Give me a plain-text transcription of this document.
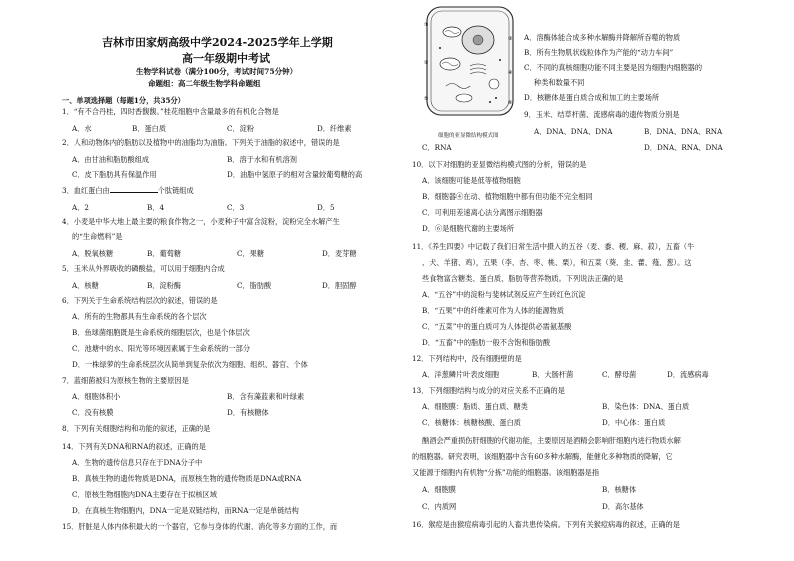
吉林市田家炳高级中学2024-2025学年上学期
高一年级期中考试
生物学科试卷（满分100分，考试时间75分钟）
命题组：高二年级生物学科命题组
一、单项选择题（每题1分，共35分）
1．“有不合丹桂，四时香馥馥。”桂花细胞中含量最多的有机化合物是
A．水	B．蛋白质	C．淀粉	D．纤维素
2．人和动物体内的脂肪以及植物中的油脂均为油脂。下列关于油脂的叙述中，错误的是
A．由甘油和脂肪酸组成	B．溶于水和有机溶剂
C．皮下脂肪具有保温作用	D．油脂中氢原子的相对含量较葡萄糖的高
3．血红蛋白由	个肽链组成
A．2	B．4	C．3	D．5
4．小麦是中华大地上最主要的粮食作物之一，小麦种子中富含淀粉，淀粉完全水解产生
的“生命燃料”是
A．脱氧核糖	B．葡萄糖	C．果糖	D．麦芽糖
5．玉米从外界吸收的磷酸盐，可以用于细胞内合成
A．核糖	B．淀粉酶	C．脂肪酸	D．胆固醇
6．下列关于生命系统结构层次的叙述，错误的是
A．所有的生物都具有生命系统的各个层次
B．鱼球菌细胞既是生命系统的细胞层次，也是个体层次
C．池塘中的水、阳光等环境因素属于生命系统的一部分
D．一株绿萝的生命系统层次从简单到复杂依次为细胞、组织、器官、个体
7．蓝细菌被归为原核生物的主要原因是
A．细胞体积小	B．含有藻蓝素和叶绿素
C．没有核膜	D．有核糖体
8．下列有关细胞结构和功能的叙述，正确的是
14．下列有关DNA和RNA的叙述，正确的是
A．生物的遗传信息只存在于DNA分子中
B．真核生物的遗传物质是DNA，而原核生物的遗传物质是DNA或RNA
C．原核生物细胞内DNA主要存在于拟核区域
D．在真核生物细胞内，DNA一定是双链结构，而RNA一定是单链结构
15．肝脏是人体内体积最大的一个器官，它参与身体的代谢、消化等多方面的工作，而
①
②
③
④
⑤
⑥
细胞的亚显微结构模式图
A．溶酶体能合成多种水解酶并降解所吞噬的物质
B．所有生物肌状线粒体作为产能的“动力车间”
C．不同的真核细胞功能不同主要是因为细胞内细胞器的
种类和数量不同
D．核糖体是蛋白质合成和加工的主要场所
9．玉米、结草杆菌、流感病毒的遗传物质分别是
A．DNA、DNA、DNA	B．DNA、DNA、RNA
C．RNA	D．DNA、RNA、DNA
10．以下对细胞的亚显微结构模式图的分析，错误的是
A．该细胞可能是低等植物细胞
B．细胞器④在动、植物细胞中都有但功能不完全相同
C．可利用差速离心法分离图示细胞器
D．⑥是细胞代谢的主要场所
11．《养生四要》中记载了我们日常生活中摄入的五谷（麦、黍、稷、麻、菽），五畜（牛
、犬、羊猪、鸡），五果（李、杏、枣、桃、栗），和五菜（葵、韭、藿、薤、葱）。这
些食物富含糖类、蛋白质、脂肪等营养物质。下列说法正确的是
A．“五谷”中的淀粉与斐林试剂反应产生砖红色沉淀
B．“五果”中的纤维素可作为人体的能源物质
C．“五菜”中的蛋白质可为人体提供必需氨基酸
D．“五畜”中的脂肪一般不含饱和脂肪酸
12．下列结构中，没有细胞壁的是
A．洋葱鳞片叶表皮细胞	B．大肠杆菌	C．酵母菌	D．流感病毒
13．下列细胞结构与成分的对应关系不正确的是
A．细胞膜：脂质、蛋白质、糖类	B．染色体：DNA、蛋白质
C．核糖体：核糖核酸、蛋白质	D．中心体：蛋白质
酗酒会严重损伤肝细胞的代谢功能，主要原因是酒精会影响肝细胞内进行物质水解
的细胞器。研究表明，该细胞器中含有60多种水解酶，能催化多种物质的降解，它
又能源于细胞内有机物“分拣”功能的细胞器。该细胞器是指
A．细胞膜	B．核糖体
C．内质网	D．高尔基体
16．猴痘是由猴痘病毒引起的人畜共患传染病。下列有关猴痘病毒的叙述，正确的是
